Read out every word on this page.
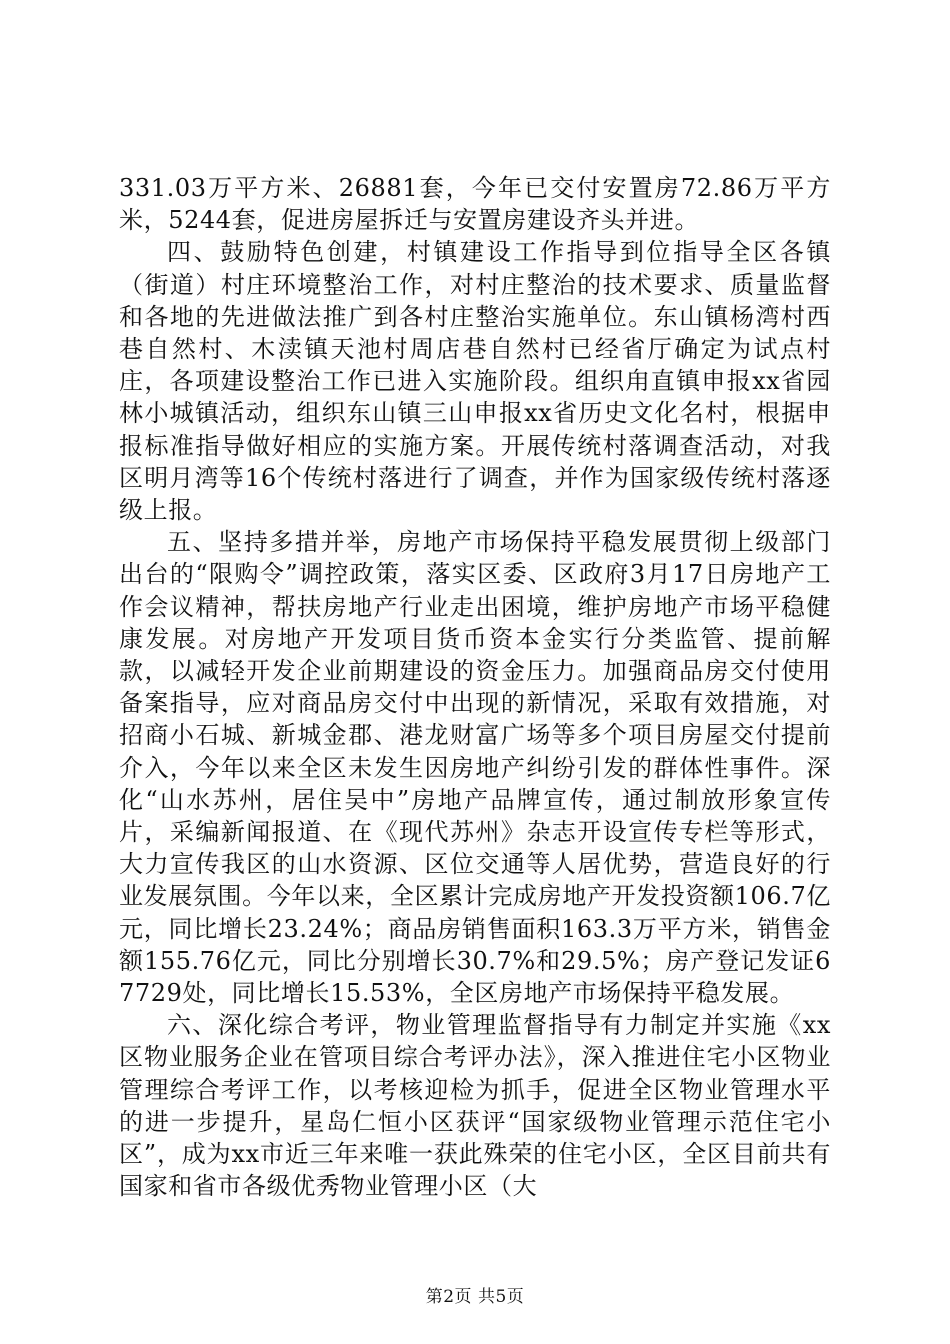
331.03万平方米、26881套，今年已交付安置房72.86万平方米，5244套，促进房屋拆迁与安置房建设齐头并进。

四、鼓励特色创建，村镇建设工作指导到位指导全区各镇（街道）村庄环境整治工作，对村庄整治的技术要求、质量监督和各地的先进做法推广到各村庄整治实施单位。东山镇杨湾村西巷自然村、木渎镇天池村周店巷自然村已经省厅确定为试点村庄，各项建设整治工作已进入实施阶段。组织甪直镇申报xx省园林小城镇活动，组织东山镇三山申报xx省历史文化名村，根据申报标准指导做好相应的实施方案。开展传统村落调查活动，对我区明月湾等16个传统村落进行了调查，并作为国家级传统村落逐级上报。

五、坚持多措并举，房地产市场保持平稳发展贯彻上级部门出台的“限购令”调控政策，落实区委、区政府3月17日房地产工作会议精神，帮扶房地产行业走出困境，维护房地产市场平稳健康发展。对房地产开发项目货币资本金实行分类监管、提前解款，以减轻开发企业前期建设的资金压力。加强商品房交付使用备案指导，应对商品房交付中出现的新情况，采取有效措施，对招商小石城、新城金郡、港龙财富广场等多个项目房屋交付提前介入，今年以来全区未发生因房地产纠纷引发的群体性事件。深化“山水苏州，居住吴中”房地产品牌宣传，通过制放形象宣传片，采编新闻报道、在《现代苏州》杂志开设宣传专栏等形式，大力宣传我区的山水资源、区位交通等人居优势，营造良好的行业发展氛围。今年以来，全区累计完成房地产开发投资额106.7亿元，同比增长23.24%；商品房销售面积163.3万平方米，销售金额155.76亿元，同比分别增长30.7%和29.5%；房产登记发证67729处，同比增长15.53%，全区房地产市场保持平稳发展。

六、深化综合考评，物业管理监督指导有力制定并实施《xx区物业服务企业在管项目综合考评办法》，深入推进住宅小区物业管理综合考评工作，以考核迎检为抓手，促进全区物业管理水平的进一步提升，星岛仁恒小区获评“国家级物业管理示范住宅小区”，成为xx市近三年来唯一获此殊荣的住宅小区，全区目前共有国家和省市各级优秀物业管理小区（大

第2页 共5页
